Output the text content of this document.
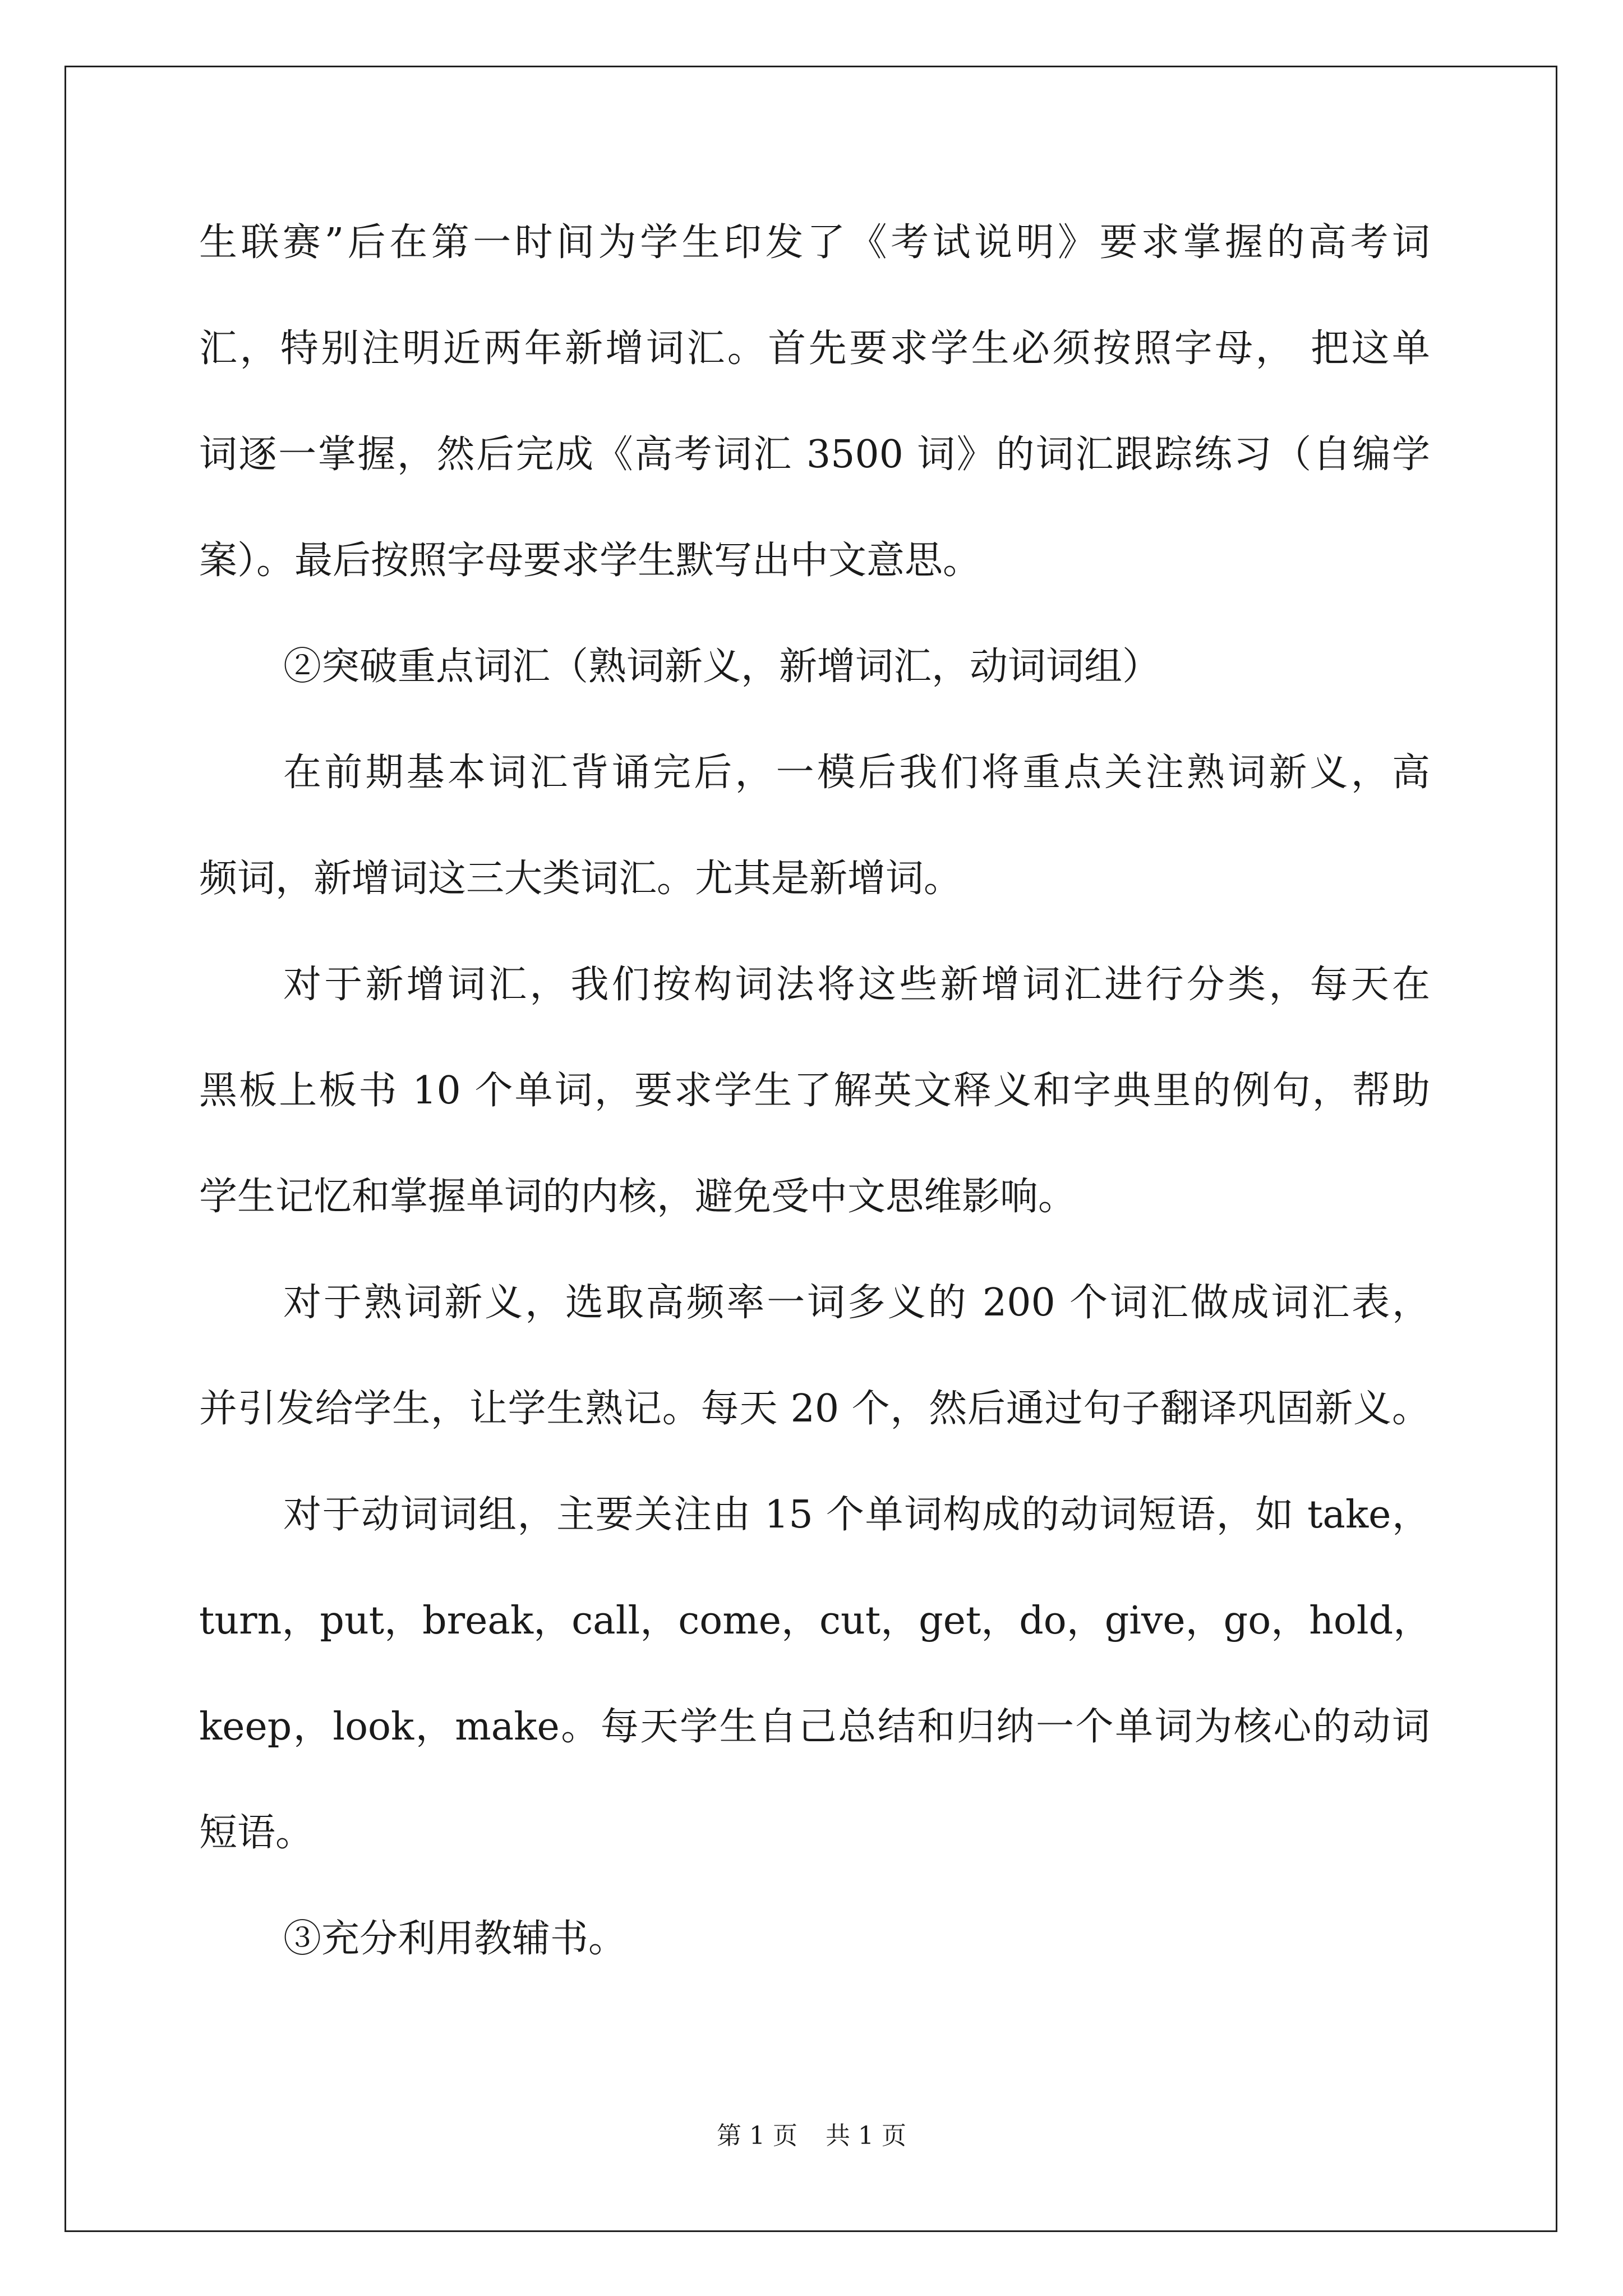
生联赛”后在第一时间为学生印发了《考试说明》要求掌握的高考词
汇，特别注明近两年新增词汇。首先要求学生必须按照字母， 把这单
词逐一掌握，然后完成《高考词汇 3500 词》的词汇跟踪练习（自编学
案）。最后按照字母要求学生默写出中文意思。
②突破重点词汇（熟词新义，新增词汇，动词词组）
在前期基本词汇背诵完后，一模后我们将重点关注熟词新义，高
频词，新增词这三大类词汇。尤其是新增词。
对于新增词汇，我们按构词法将这些新增词汇进行分类，每天在
黑板上板书 10 个单词，要求学生了解英文释义和字典里的例句，帮助
学生记忆和掌握单词的内核，避免受中文思维影响。
对于熟词新义，选取高频率一词多义的 200 个词汇做成词汇表，
并引发给学生，让学生熟记。每天 20 个，然后通过句子翻译巩固新义。
对于动词词组，主要关注由 15 个单词构成的动词短语，如 take，
turn，put，break，call，come，cut，get，do，give，go，hold，
keep，look，make。每天学生自己总结和归纳一个单词为核心的动词
短语。
③充分利用教辅书。
第 1 页 共 1 页
